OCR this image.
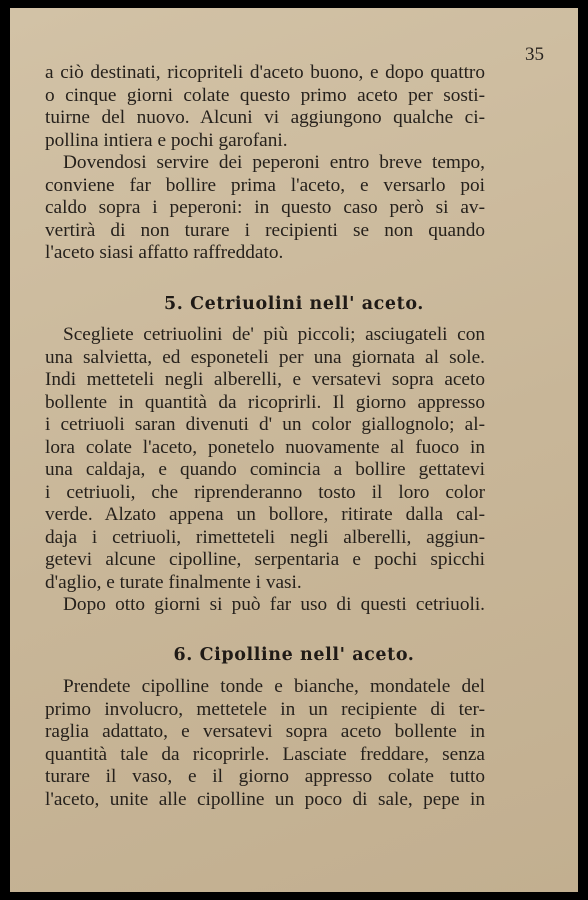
35
a ciò destinati, ricopriteli d'aceto buono, e dopo quattro
o cinque giorni colate questo primo aceto per sosti-
tuirne del nuovo. Alcuni vi aggiungono qualche ci-
pollina intiera e pochi garofani.
Dovendosi servire dei peperoni entro breve tempo,
conviene far bollire prima l'aceto, e versarlo poi
caldo sopra i peperoni: in questo caso però si av-
vertirà di non turare i recipienti se non quando
l'aceto siasi affatto raffreddato.
5. Cetriuolini nell' aceto.
Scegliete cetriuolini de' più piccoli; asciugateli con
una salvietta, ed esponeteli per una giornata al sole.
Indi metteteli negli alberelli, e versatevi sopra aceto
bollente in quantità da ricoprirli. Il giorno appresso
i cetriuoli saran divenuti d' un color giallognolo; al-
lora colate l'aceto, ponetelo nuovamente al fuoco in
una caldaja, e quando comincia a bollire gettatevi
i cetriuoli, che riprenderanno tosto il loro color
verde. Alzato appena un bollore, ritirate dalla cal-
daja i cetriuoli, rimetteteli negli alberelli, aggiun-
getevi alcune cipolline, serpentaria e pochi spicchi
d'aglio, e turate finalmente i vasi.
Dopo otto giorni si può far uso di questi cetriuoli.
6. Cipolline nell' aceto.
Prendete cipolline tonde e bianche, mondatele del
primo involucro, mettetele in un recipiente di ter-
raglia adattato, e versatevi sopra aceto bollente in
quantità tale da ricoprirle. Lasciate freddare, senza
turare il vaso, e il giorno appresso colate tutto
l'aceto, unite alle cipolline un poco di sale, pepe in
